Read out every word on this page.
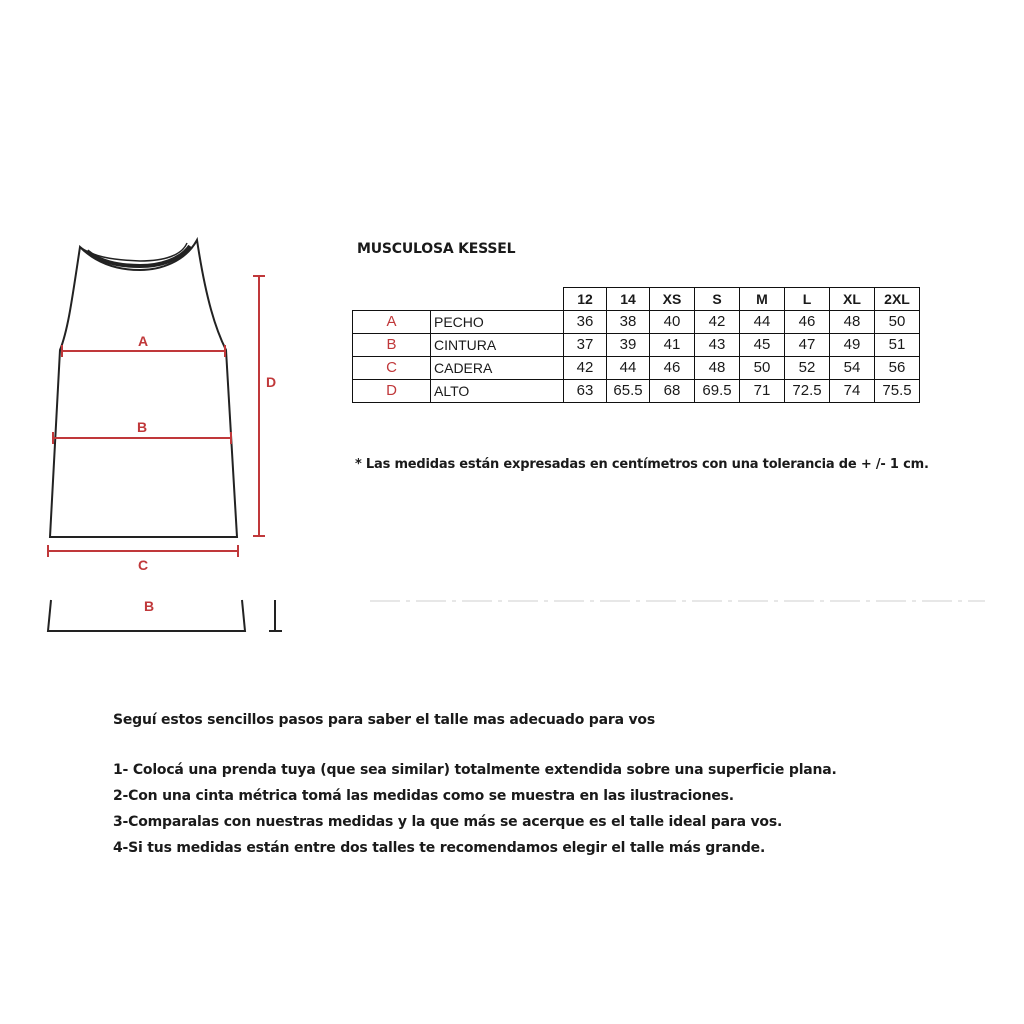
A
B
C
D
B
MUSCULOSA KESSEL
		12	14	XS	S	M	L	XL	2XL
A	PECHO	36	38	40	42	44	46	48	50
B	CINTURA	37	39	41	43	45	47	49	51
C	CADERA	42	44	46	48	50	52	54	56
D	ALTO	63	65.5	68	69.5	71	72.5	74	75.5
* Las medidas están expresadas en centímetros con una tolerancia de + /- 1 cm.
Seguí estos sencillos pasos para saber el talle mas adecuado para vos
1- Colocá una prenda tuya (que sea similar) totalmente extendida sobre una superficie plana.
2-Con una cinta métrica tomá las medidas como se muestra en las ilustraciones.
3-Comparalas con nuestras medidas y la que más se acerque es el talle ideal para vos.
4-Si tus medidas están entre dos talles te recomendamos elegir el talle más grande.
